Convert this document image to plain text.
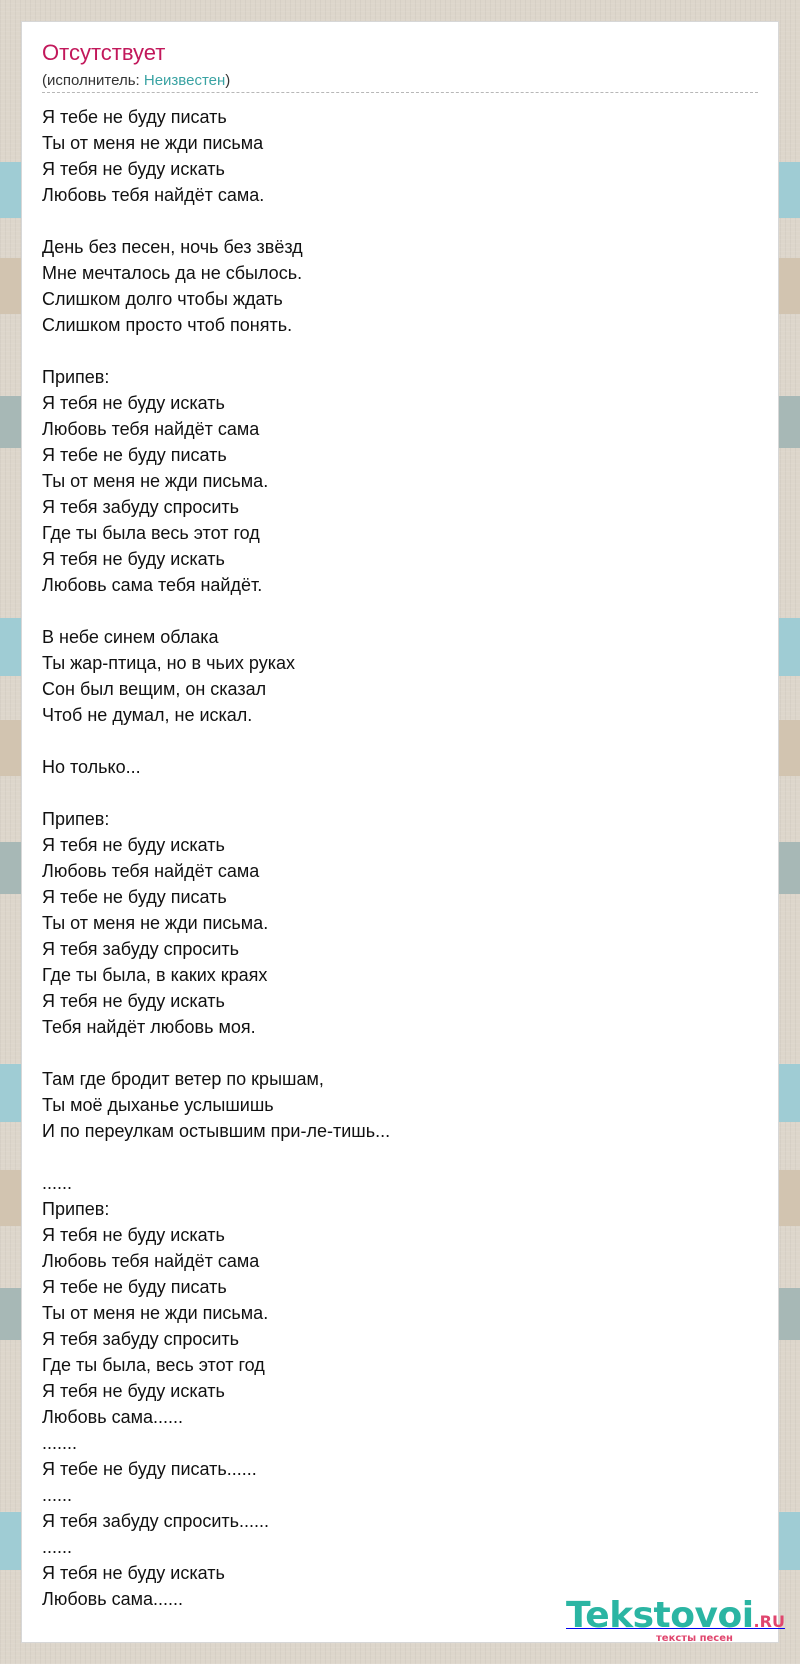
Отсутствует
(исполнитель: Неизвестен)
Я тебе не буду писать
Ты от меня не жди письма
Я тебя не буду искать
Любовь тебя найдёт сама.

День без песен, ночь без звёзд
Мне мечталось да не сбылось.
Слишком долго чтобы ждать
Слишком просто чтоб понять.

Припев:
Я тебя не буду искать
Любовь тебя найдёт сама
Я тебе не буду писать
Ты от меня не жди письма.
Я тебя забуду спросить
Где ты была весь этот год
Я тебя не буду искать
Любовь сама тебя найдёт.

В небе синем облака
Ты жар-птица, но в чьих руках
Сон был вещим, он сказал
Чтоб не думал, не искал.

Но только...

Припев:
Я тебя не буду искать
Любовь тебя найдёт сама
Я тебе не буду писать
Ты от меня не жди письма.
Я тебя забуду спросить
Где ты была, в каких краях
Я тебя не буду искать
Тебя найдёт любовь моя.

Там где бродит ветер по крышам,
Ты моё дыханье услышишь
И по переулкам остывшим при-ле-тишь...

......
Припев:
Я тебя не буду искать
Любовь тебя найдёт сама
Я тебе не буду писать
Ты от меня не жди письма.
Я тебя забуду спросить
Где ты была, весь этот год
Я тебя не буду искать
Любовь сама......
.......
Я тебе не буду писать......
......
Я тебя забуду спросить......
......
Я тебя не буду искать
Любовь сама......	Tekstovoi.RU
тексты песен
